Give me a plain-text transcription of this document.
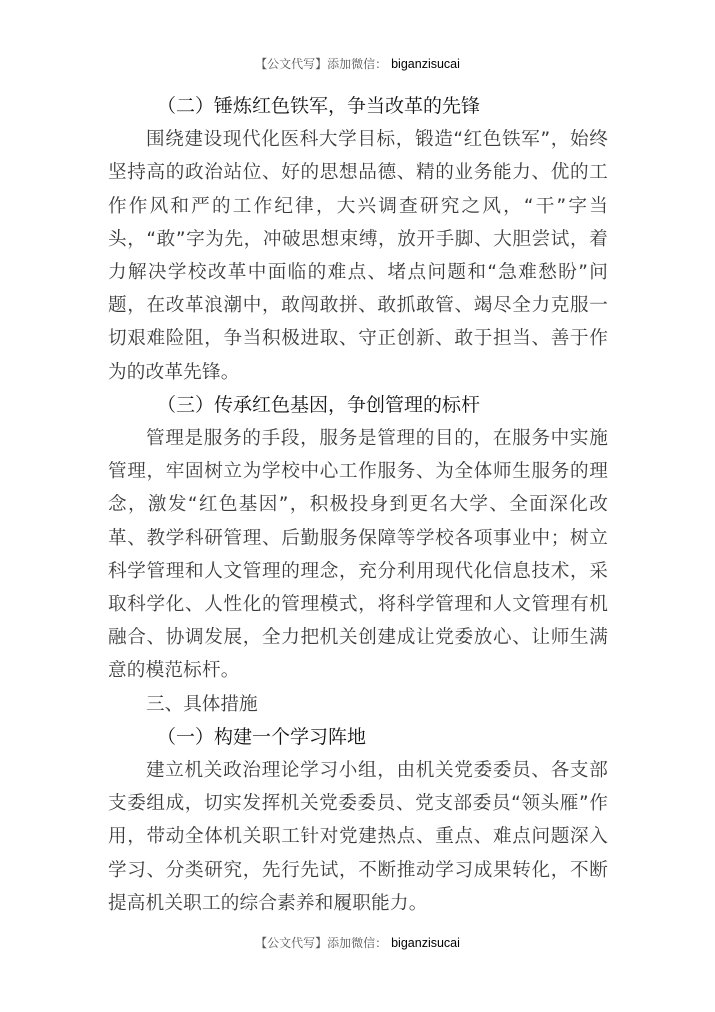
【公文代写】添加微信： biganzisucai
（二）锤炼红色铁军，争当改革的先锋
围绕建设现代化医科大学目标，锻造“红色铁军”，始终坚持高的政治站位、好的思想品德、精的业务能力、优的工作作风和严的工作纪律，大兴调查研究之风，“干”字当头，“敢”字为先，冲破思想束缚，放开手脚、大胆尝试，着力解决学校改革中面临的难点、堵点问题和“急难愁盼”问题，在改革浪潮中，敢闯敢拼、敢抓敢管、竭尽全力克服一切艰难险阻，争当积极进取、守正创新、敢于担当、善于作为的改革先锋。
（三）传承红色基因，争创管理的标杆
管理是服务的手段，服务是管理的目的，在服务中实施管理，牢固树立为学校中心工作服务、为全体师生服务的理念，激发“红色基因”，积极投身到更名大学、全面深化改革、教学科研管理、后勤服务保障等学校各项事业中；树立科学管理和人文管理的理念，充分利用现代化信息技术，采取科学化、人性化的管理模式，将科学管理和人文管理有机融合、协调发展，全力把机关创建成让党委放心、让师生满意的模范标杆。
三、具体措施
（一）构建一个学习阵地
建立机关政治理论学习小组，由机关党委委员、各支部支委组成，切实发挥机关党委委员、党支部委员“领头雁”作用，带动全体机关职工针对党建热点、重点、难点问题深入学习、分类研究，先行先试，不断推动学习成果转化，不断提高机关职工的综合素养和履职能力。
【公文代写】添加微信： biganzisucai
